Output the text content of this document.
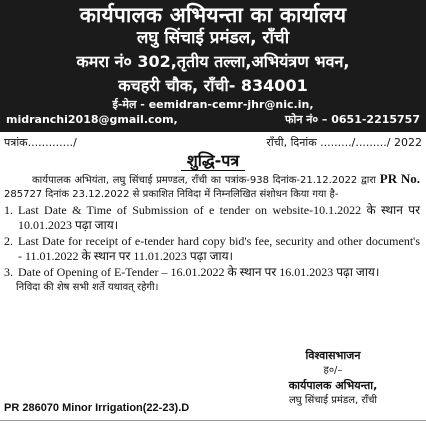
कार्यपालक अभियन्ता का कार्यालय
लघु सिंचाई प्रमंडल, राँची
कमरा नं० 302,तृतीय तल्ला,अभियंत्रण भवन,
कचहरी चौक, राँची- 834001
ई-मेल - eemidran-cemr-jhr@nic.in,
midranchi2018@gmail.com,	फोन नं० – 0651-2215757
पत्रांक............./	राँची, दिनांक ........./........./ 2022
शुद्धि-पत्र
कार्यपालक अभियंता, लघु सिंचाई प्रमण्डल, राँची का पत्रांक-938 दिनांक-21.12.2022 द्वारा PR No. 285727 दिनांक 23.12.2022 से प्रकाशित निविदा में निम्नलिखित संशोधन किया गया है-
1. Last Date & Time of Submission of e tender on website-10.1.2022 के स्थान पर 10.01.2023 पढ़ा जाय।
2. Last Date for receipt of e-tender hard copy bid's fee, security and other document's - 11.01.2022 के स्थान पर 11.01.2023 पढ़ा जाय।
3. Date of Opening of E-Tender – 16.01.2022 के स्थान पर 16.01.2023 पढ़ा जाय।
निविदा की शेष सभी शर्ते यथावत् रहेगी।
विश्वासभाजन
ह०/–
कार्यपालक अभियन्ता,
लघु सिंचाई प्रमंडल, राँची
PR 286070 Minor Irrigation(22-23).D
